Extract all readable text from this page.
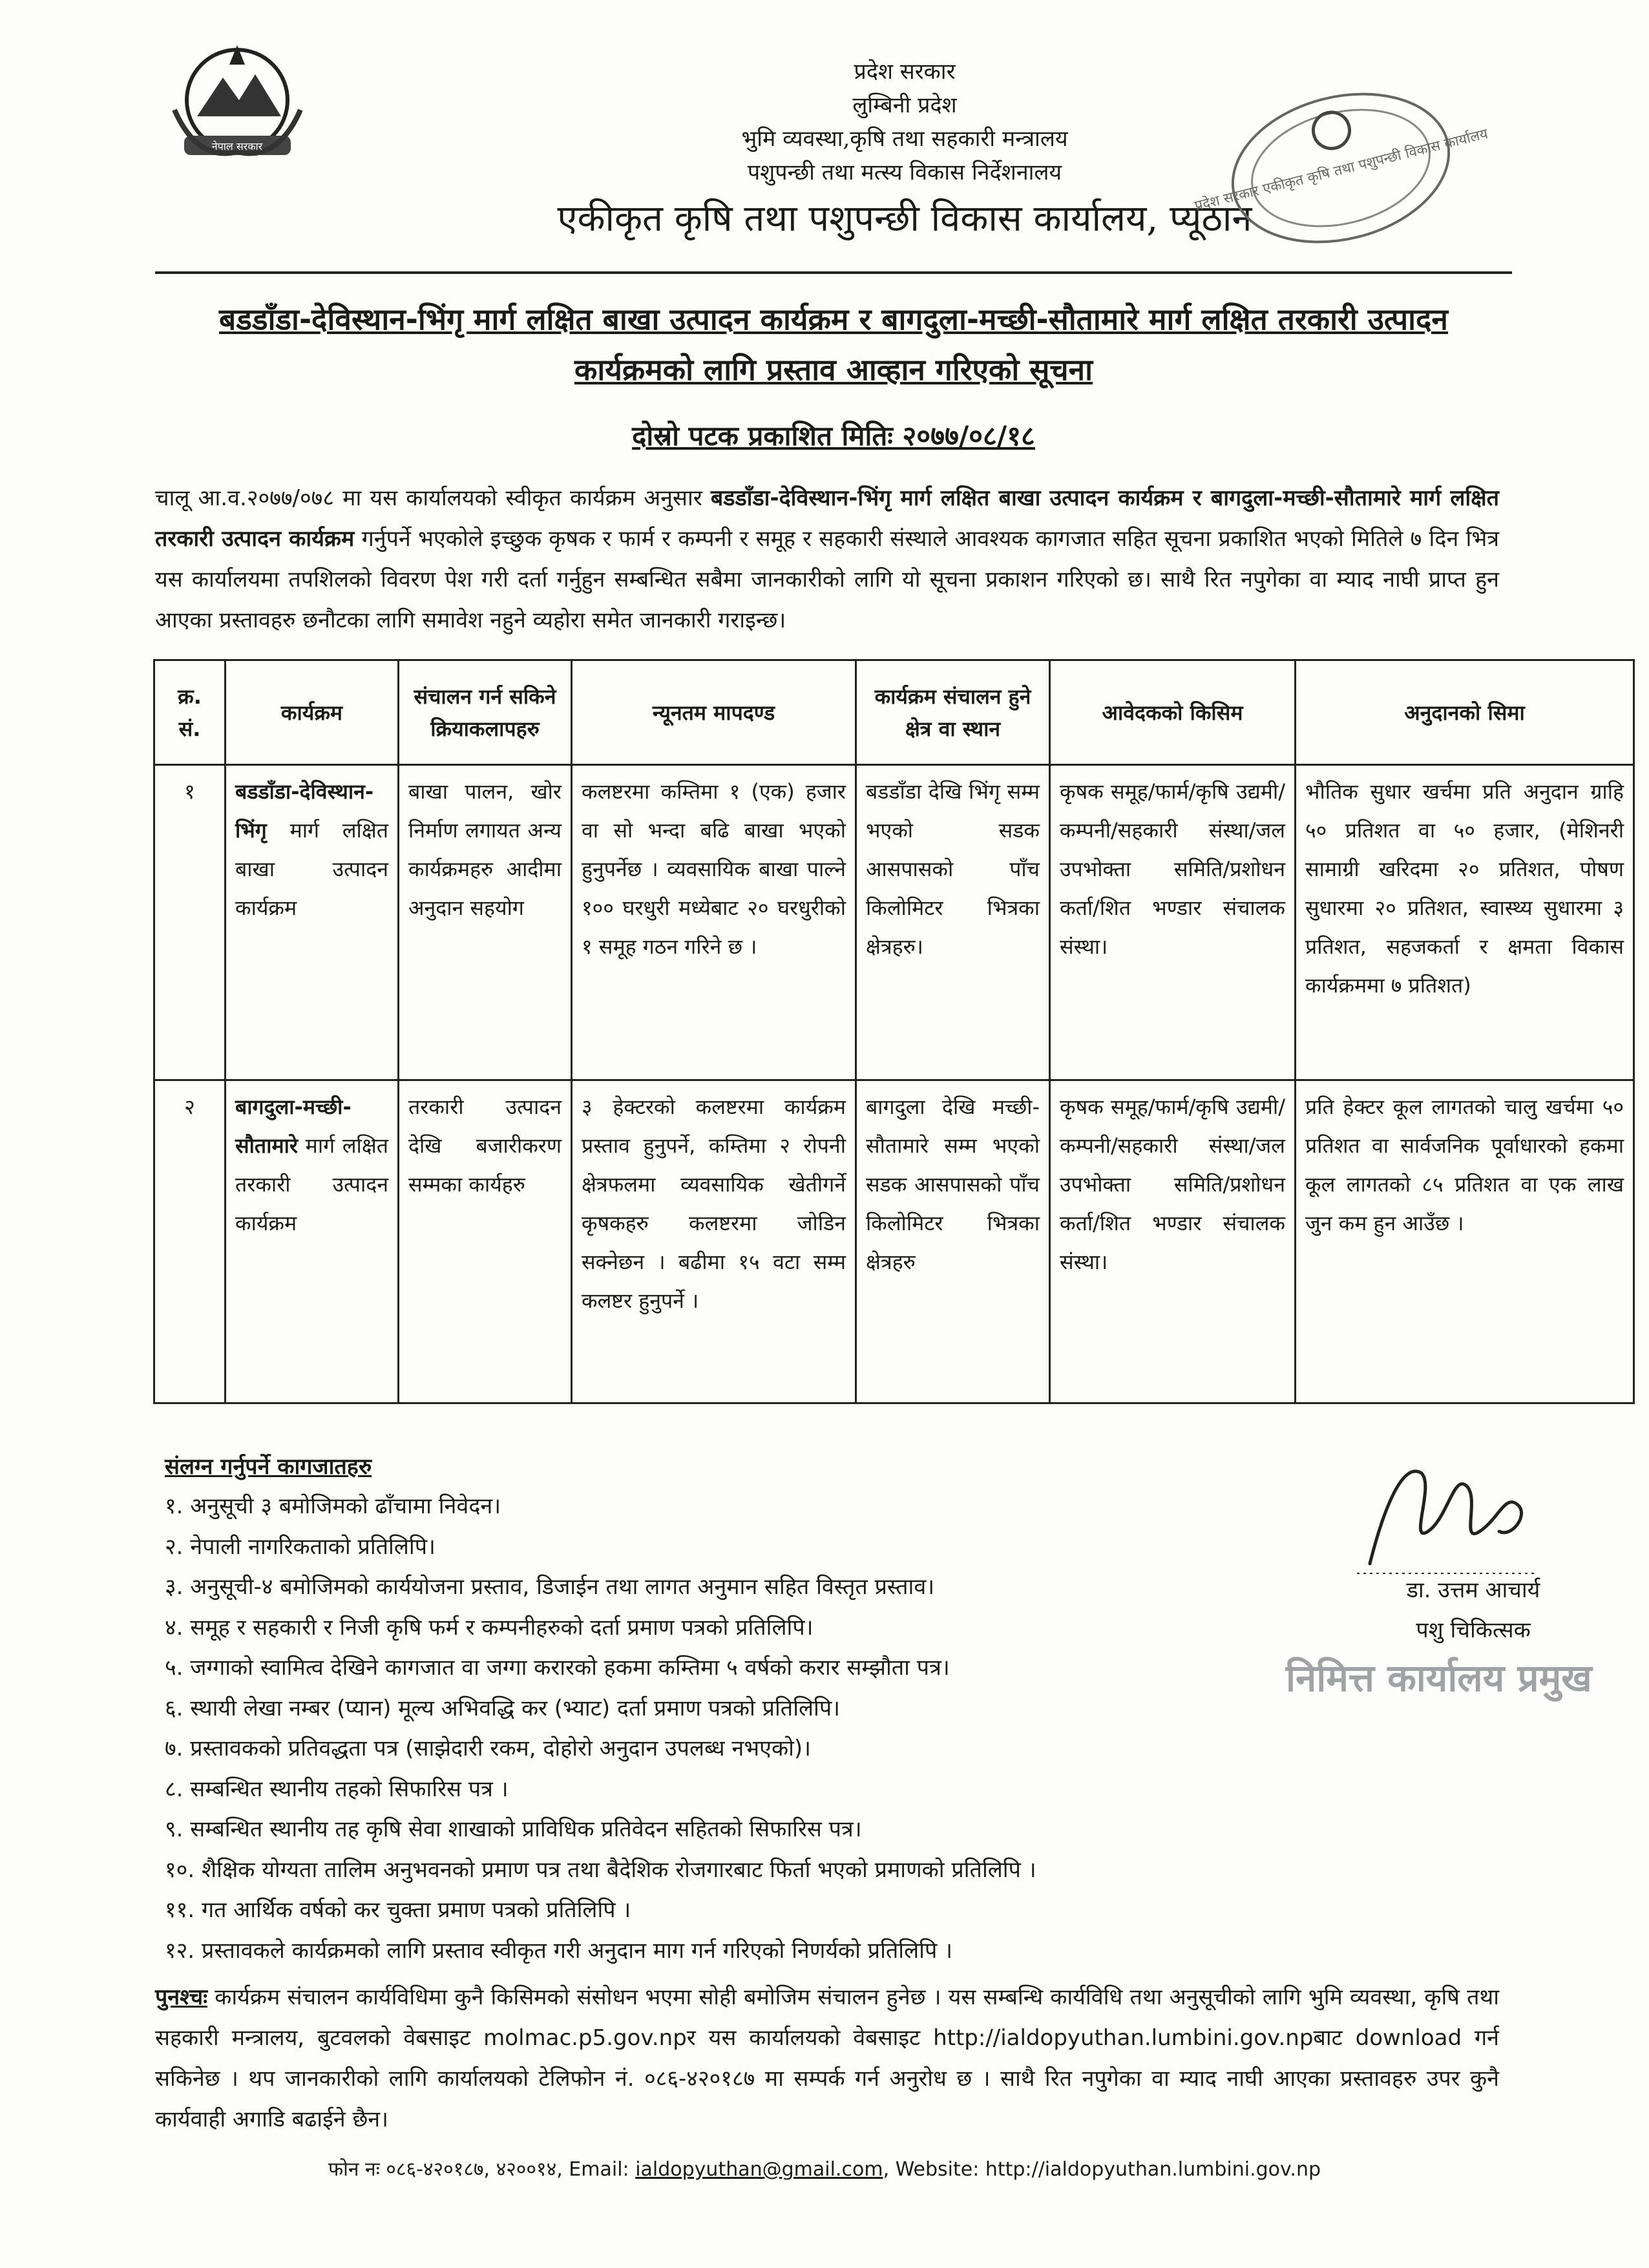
नेपाल सरकार
प्रदेश सरकार
लुम्बिनी प्रदेश
भुमि व्यवस्था,कृषि तथा सहकारी मन्त्रालय
पशुपन्छी तथा मत्स्य विकास निर्देशनालय
एकीकृत कृषि तथा पशुपन्छी विकास कार्यालय, प्यूठान
प्रदेश सरकार एकीकृत कृषि तथा पशुपन्छी विकास कार्यालय
बडडाँडा-देविस्थान-भिंगृ मार्ग लक्षित बाखा उत्पादन कार्यक्रम र बागदुला-मच्छी-सौतामारे मार्ग लक्षित तरकारी उत्पादन
कार्यक्रमको लागि प्रस्ताव आव्हान गरिएको सूचना
दोस्रो पटक प्रकाशित मितिः २०७७/०८/१८
चालू आ.व.२०७७/०७८ मा यस कार्यालयको स्वीकृत कार्यक्रम अनुसार बडडाँडा-देविस्थान-भिंगृ मार्ग लक्षित बाखा उत्पादन कार्यक्रम र बागदुला-मच्छी-सौतामारे मार्ग लक्षित तरकारी उत्पादन कार्यक्रम गर्नुपर्ने भएकोले इच्छुक कृषक र फार्म र कम्पनी र समूह र सहकारी संस्थाले आवश्यक कागजात सहित सूचना प्रकाशित भएको मितिले ७ दिन भित्र यस कार्यालयमा तपशिलको विवरण पेश गरी दर्ता गर्नुहुन सम्बन्धित सबैमा जानकारीको लागि यो सूचना प्रकाशन गरिएको छ। साथै रित नपुगेका वा म्याद नाघी प्राप्त हुन आएका प्रस्तावहरु छनौटका लागि समावेश नहुने व्यहोरा समेत जानकारी गराइन्छ।
क्र. सं.	कार्यक्रम	संचालन गर्न सकिने क्रियाकलापहरु	न्यूनतम मापदण्ड	कार्यक्रम संचालन हुने क्षेत्र वा स्थान	आवेदकको किसिम	अनुदानको सिमा
१	बडडाँडा-देविस्थान-भिंगृ मार्ग लक्षित बाखा उत्पादन कार्यक्रम	बाखा पालन, खोर निर्माण लगायत अन्य कार्यक्रमहरु आदीमा अनुदान सहयोग	कलष्टरमा कम्तिमा १ (एक) हजार वा सो भन्दा बढि बाखा भएको हुनुपर्नेछ । व्यवसायिक बाखा पाल्ने १०० घरधुरी मध्येबाट २० घरधुरीको १ समूह गठन गरिने छ ।	बडडाँडा देखि भिंगृ सम्म भएको सडक आसपासको पाँच किलोमिटर भित्रका क्षेत्रहरु।	कृषक समूह/फार्म/कृषि उद्यमी/कम्पनी/सहकारी संस्था/जल उपभोक्ता समिति/प्रशोधन कर्ता/शित भण्डार संचालक संस्था।	भौतिक सुधार खर्चमा प्रति अनुदान ग्राहि ५० प्रतिशत वा ५० हजार, (मेशिनरी सामाग्री खरिदमा २० प्रतिशत, पोषण सुधारमा २० प्रतिशत, स्वास्थ्य सुधारमा ३ प्रतिशत, सहजकर्ता र क्षमता विकास कार्यक्रममा ७ प्रतिशत)
२	बागदुला-मच्छी-सौतामारे मार्ग लक्षित तरकारी उत्पादन कार्यक्रम	तरकारी उत्पादन देखि बजारीकरण सम्मका कार्यहरु	३ हेक्टरको कलष्टरमा कार्यक्रम प्रस्ताव हुनुपर्ने, कम्तिमा २ रोपनी क्षेत्रफलमा व्यवसायिक खेतीगर्ने कृषकहरु कलष्टरमा जोडिन सक्नेछन । बढीमा १५ वटा सम्म कलष्टर हुनुपर्ने ।	बागदुला देखि मच्छी-सौतामारे सम्म भएको सडक आसपासको पाँच किलोमिटर भित्रका क्षेत्रहरु	कृषक समूह/फार्म/कृषि उद्यमी/कम्पनी/सहकारी संस्था/जल उपभोक्ता समिति/प्रशोधन कर्ता/शित भण्डार संचालक संस्था।	प्रति हेक्टर कूल लागतको चालु खर्चमा ५० प्रतिशत वा सार्वजनिक पूर्वाधारको हकमा कूल लागतको ८५ प्रतिशत वा एक लाख जुन कम हुन आउँछ ।
संलग्न गर्नुपर्ने कागजातहरु
१. अनुसूची ३ बमोजिमको ढाँचामा निवेदन।
२. नेपाली नागरिकताको प्रतिलिपि।
३. अनुसूची-४ बमोजिमको कार्ययोजना प्रस्ताव, डिजाईन तथा लागत अनुमान सहित विस्तृत प्रस्ताव।
४. समूह र सहकारी र निजी कृषि फर्म र कम्पनीहरुको दर्ता प्रमाण पत्रको प्रतिलिपि।
५. जग्गाको स्वामित्व देखिने कागजात वा जग्गा करारको हकमा कम्तिमा ५ वर्षको करार सम्झौता पत्र।
६. स्थायी लेखा नम्बर (प्यान) मूल्य अभिवद्धि कर (भ्याट) दर्ता प्रमाण पत्रको प्रतिलिपि।
७. प्रस्तावकको प्रतिवद्धता पत्र (साझेदारी रकम, दोहोरो अनुदान उपलब्ध नभएको)।
८. सम्बन्धित स्थानीय तहको सिफारिस पत्र ।
९. सम्बन्धित स्थानीय तह कृषि सेवा शाखाको प्राविधिक प्रतिवेदन सहितको सिफारिस पत्र।
१०. शैक्षिक योग्यता तालिम अनुभवनको प्रमाण पत्र तथा बैदेशिक रोजगारबाट फिर्ता भएको प्रमाणको प्रतिलिपि ।
११. गत आर्थिक वर्षको कर चुक्ता प्रमाण पत्रको प्रतिलिपि ।
१२. प्रस्तावकले कार्यक्रमको लागि प्रस्ताव स्वीकृत गरी अनुदान माग गर्न गरिएको निणर्यको प्रतिलिपि ।
डा. उत्तम आचार्य
पशु चिकित्सक
निमित्त कार्यालय प्रमुख
पुनश्चः कार्यक्रम संचालन कार्यविधिमा कुनै किसिमको संसोधन भएमा सोही बमोजिम संचालन हुनेछ । यस सम्बन्धि कार्यविधि तथा अनुसूचीको लागि भुमि व्यवस्था, कृषि तथा सहकारी मन्त्रालय, बुटवलको वेबसाइट molmac.p5.gov.npर यस कार्यालयको वेबसाइट http://ialdopyuthan.lumbini.gov.npबाट download गर्न सकिनेछ । थप जानकारीको लागि कार्यालयको टेलिफोन नं. ०८६-४२०१८७ मा सम्पर्क गर्न अनुरोध छ । साथै रित नपुगेका वा म्याद नाघी आएका प्रस्तावहरु उपर कुनै कार्यवाही अगाडि बढाईने छैन।
फोन नः ०८६-४२०१८७, ४२००१४, Email: ialdopyuthan@gmail.com, Website: http://ialdopyuthan.lumbini.gov.np
